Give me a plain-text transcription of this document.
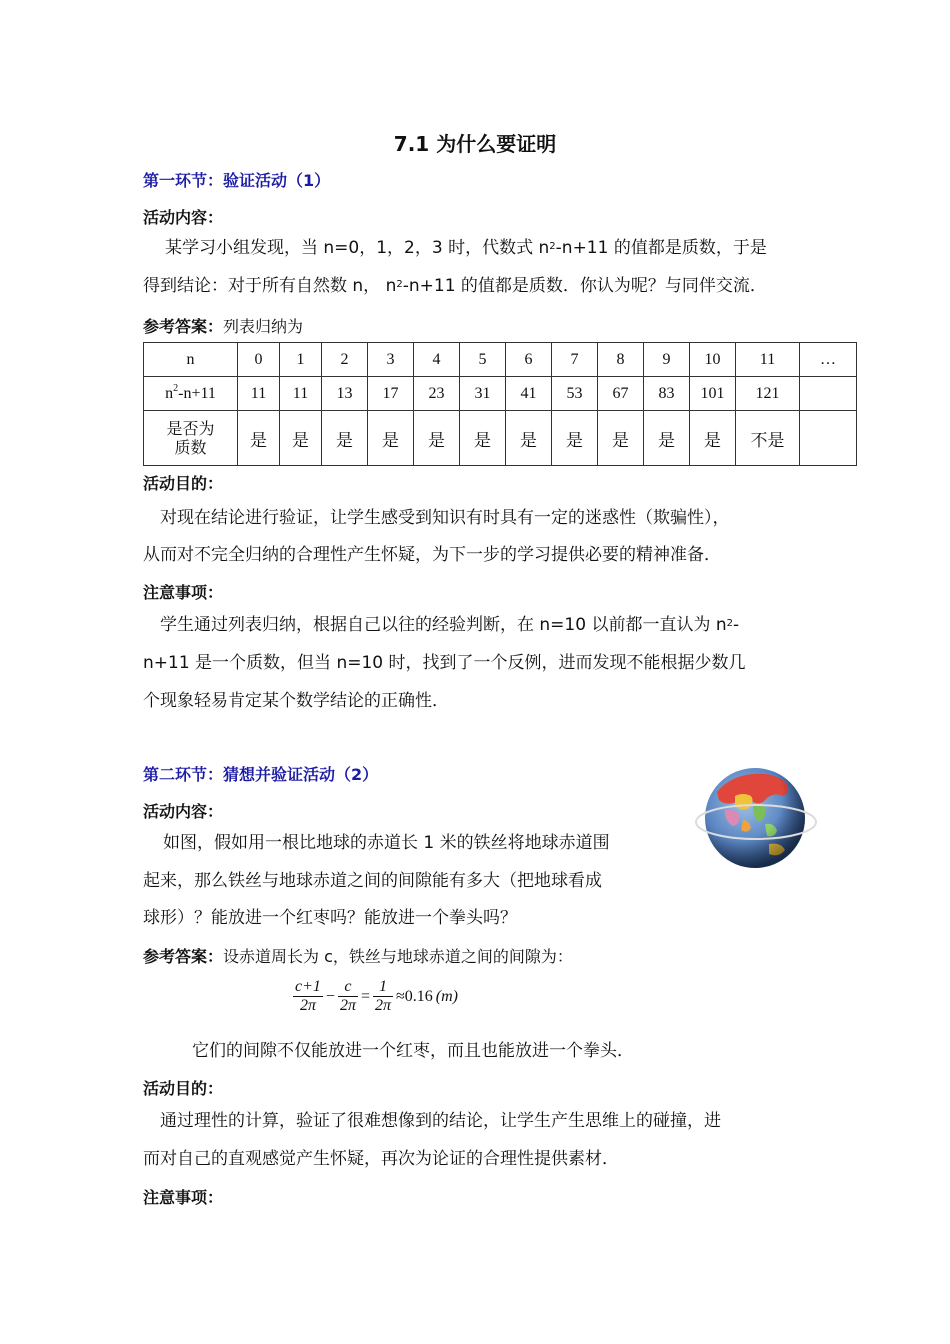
7.1 为什么要证明
第一环节：验证活动（1）
活动内容：
某学习小组发现，当 n=0，1，2，3 时，代数式 $n^2-n+11$ 的值都是质数，于是
得到结论：对于所有自然数 n， $n^2-n+11$ 的值都是质数．你认为呢？与同伴交流．
参考答案：列表归纳为
n	0	1	2	3	4	5	6	7	8	9	10	11	…
$n^2-n+11$	11	11	13	17	23	31	41	53	67	83	101	121	
是否为
质数	是	是	是	是	是	是	是	是	是	是	是	不是	
活动目的：
对现在结论进行验证，让学生感受到知识有时具有一定的迷惑性（欺骗性），
从而对不完全归纳的合理性产生怀疑，为下一步的学习提供必要的精神准备．
注意事项：
学生通过列表归纳，根据自己以往的经验判断，在 n=10 以前都一直认为 $n^2-$
n+11 是一个质数，但当 n=10 时，找到了一个反例，进而发现不能根据少数几
个现象轻易肯定某个数学结论的正确性．
第二环节：猜想并验证活动（2）
活动内容：
如图，假如用一根比地球的赤道长 1 米的铁丝将地球赤道围
起来，那么铁丝与地球赤道之间的间隙能有多大（把地球看成
球形）？能放进一个红枣吗？能放进一个拳头吗？
参考答案：设赤道周长为 c，铁丝与地球赤道之间的间隙为：
$\frac{c+1}{2\pi} - \frac{c}{2\pi} = \frac{1}{2\pi} \approx 0.16$ (m)
它们的间隙不仅能放进一个红枣，而且也能放进一个拳头．
活动目的：
通过理性的计算，验证了很难想像到的结论，让学生产生思维上的碰撞，进
而对自己的直观感觉产生怀疑，再次为论证的合理性提供素材．
注意事项：
